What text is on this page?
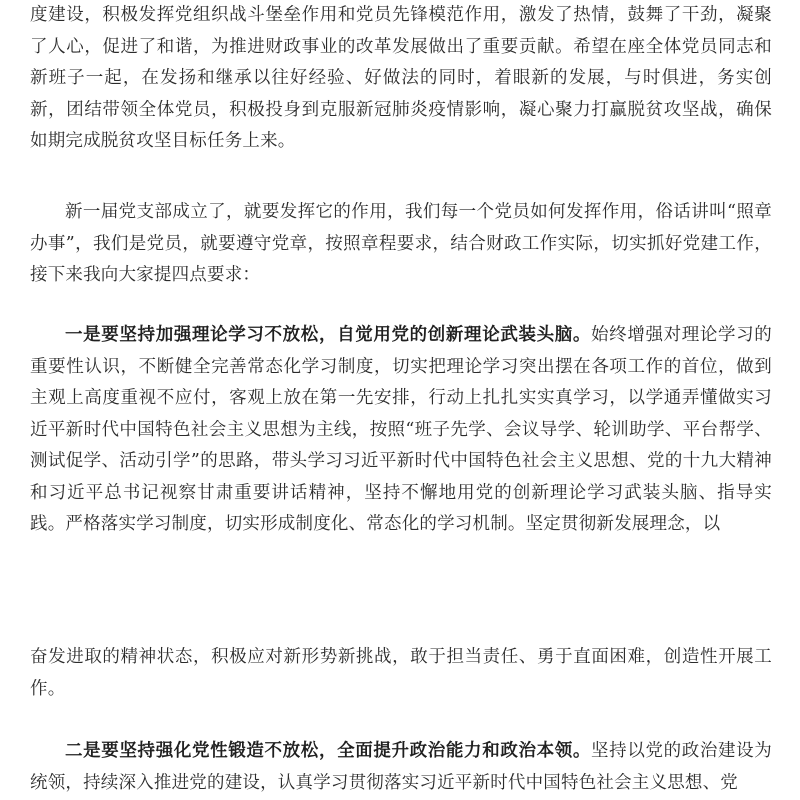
度建设，积极发挥党组织战斗堡垒作用和党员先锋模范作用，激发了热情，鼓舞了干劲，凝聚了人心，促进了和谐，为推进财政事业的改革发展做出了重要贡献。希望在座全体党员同志和新班子一起，在发扬和继承以往好经验、好做法的同时，着眼新的发展，与时俱进，务实创新，团结带领全体党员，积极投身到克服新冠肺炎疫情影响，凝心聚力打赢脱贫攻坚战，确保如期完成脱贫攻坚目标任务上来。

新一届党支部成立了，就要发挥它的作用，我们每一个党员如何发挥作用，俗话讲叫“照章办事”，我们是党员，就要遵守党章，按照章程要求，结合财政工作实际，切实抓好党建工作，接下来我向大家提四点要求：

一是要坚持加强理论学习不放松，自觉用党的创新理论武装头脑。始终增强对理论学习的重要性认识，不断健全完善常态化学习制度，切实把理论学习突出摆在各项工作的首位，做到主观上高度重视不应付，客观上放在第一先安排，行动上扎扎实实真学习，以学通弄懂做实习近平新时代中国特色社会主义思想为主线，按照“班子先学、会议导学、轮训助学、平台帮学、测试促学、活动引学”的思路，带头学习习近平新时代中国特色社会主义思想、党的十九大精神和习近平总书记视察甘肃重要讲话精神，坚持不懈地用党的创新理论学习武装头脑、指导实践。严格落实学习制度，切实形成制度化、常态化的学习机制。坚定贯彻新发展理念，以

奋发进取的精神状态，积极应对新形势新挑战，敢于担当责任、勇于直面困难，创造性开展工作。

二是要坚持强化党性锻造不放松，全面提升政治能力和政治本领。坚持以党的政治建设为统领，持续深入推进党的建设，认真学习贯彻落实习近平新时代中国特色社会主义思想、党
